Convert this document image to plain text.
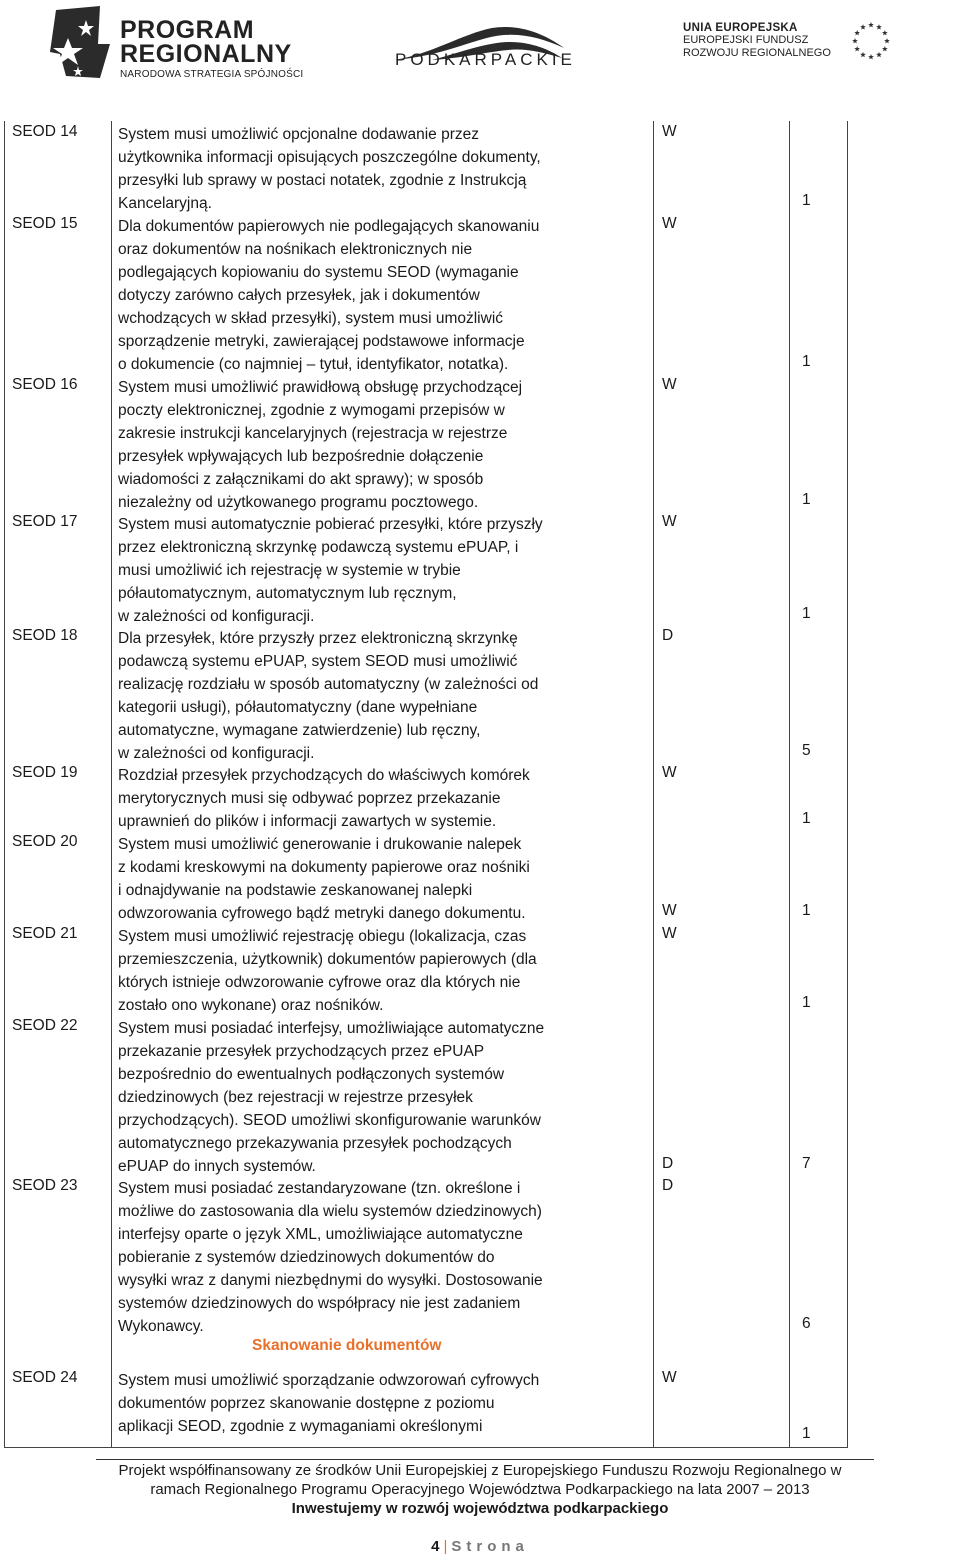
PROGRAM
REGIONALNY
NARODOWA STRATEGIA SPÓJNOŚCI
PODKARPACKIE
UNIA EUROPEJSKA
EUROPEJSKI FUNDUSZ
ROZWOJU REGIONALNEGO
SEOD 14	System musi umożliwić opcjonalne dodawanie przez

użytkownika informacji opisujących poszczególne dokumenty,

przesyłki lub sprawy w postaci notatek, zgodnie z Instrukcją

Kancelaryjną.

W
1
SEOD 15	Dla dokumentów papierowych nie podlegających skanowaniu

oraz dokumentów na nośnikach elektronicznych nie

podlegających kopiowaniu do systemu SEOD (wymaganie

dotyczy zarówno całych przesyłek, jak i dokumentów

wchodzących w skład przesyłki), system musi umożliwić

sporządzenie metryki, zawierającej podstawowe informacje

o dokumencie (co najmniej – tytuł, identyfikator, notatka).

W
1
SEOD 16	System musi umożliwić prawidłową obsługę przychodzącej

poczty elektronicznej, zgodnie z wymogami przepisów w

zakresie instrukcji kancelaryjnych (rejestracja w rejestrze

przesyłek wpływających lub bezpośrednie dołączenie

wiadomości z załącznikami do akt sprawy); w sposób

niezależny od użytkowanego programu pocztowego.

W
1
SEOD 17	System musi automatycznie pobierać przesyłki, które przyszły

przez elektroniczną skrzynkę podawczą systemu ePUAP, i

musi umożliwić ich rejestrację w systemie w trybie

półautomatycznym, automatycznym lub ręcznym,

w zależności od konfiguracji.

W
1
SEOD 18	Dla przesyłek, które przyszły przez elektroniczną skrzynkę

podawczą systemu ePUAP, system SEOD musi umożliwić

realizację rozdziału w sposób automatyczny (w zależności od

kategorii usługi), półautomatyczny (dane wypełniane

automatyczne, wymagane zatwierdzenie) lub ręczny,

w zależności od konfiguracji.

D
5
SEOD 19	Rozdział przesyłek przychodzących do właściwych komórek

merytorycznych musi się odbywać poprzez przekazanie

uprawnień do plików i informacji zawartych w systemie.

W
1
SEOD 20	System musi umożliwić generowanie i drukowanie nalepek

z kodami kreskowymi na dokumenty papierowe oraz nośniki

i odnajdywanie na podstawie zeskanowanej nalepki

odwzorowania cyfrowego bądź metryki danego dokumentu.	W	1
SEOD 21	System musi umożliwić rejestrację obiegu (lokalizacja, czas

przemieszczenia, użytkownik) dokumentów papierowych (dla

których istnieje odwzorowanie cyfrowe oraz dla których nie

zostało ono wykonane) oraz nośników.

W
1
SEOD 22	System musi posiadać interfejsy, umożliwiające automatyczne

przekazanie przesyłek przychodzących przez ePUAP

bezpośrednio do ewentualnych podłączonych systemów

dziedzinowych (bez rejestracji w rejestrze przesyłek

przychodzących). SEOD umożliwi skonfigurowanie warunków

automatycznego przekazywania przesyłek pochodzących

ePUAP do innych systemów.	D	7
SEOD 23	System musi posiadać zestandaryzowane (tzn. określone i

możliwe do zastosowania dla wielu systemów dziedzinowych)

interfejsy oparte o język XML, umożliwiające automatyczne

pobieranie z systemów dziedzinowych dokumentów do

wysyłki wraz z danymi niezbędnymi do wysyłki. Dostosowanie

systemów dziedzinowych do współpracy nie jest zadaniem

Wykonawcy.

D
6
Skanowanie dokumentów
SEOD 24	System musi umożliwić sporządzanie odwzorowań cyfrowych

dokumentów poprzez skanowanie dostępne z poziomu

aplikacji SEOD, zgodnie z wymaganiami określonymi

W
1
Projekt współfinansowany ze środków Unii Europejskiej z Europejskiego Funduszu Rozwoju Regionalnego w
ramach Regionalnego Programu Operacyjnego Województwa Podkarpackiego na lata 2007 – 2013
Inwestujemy w rozwój województwa podkarpackiego
4 | Strona
